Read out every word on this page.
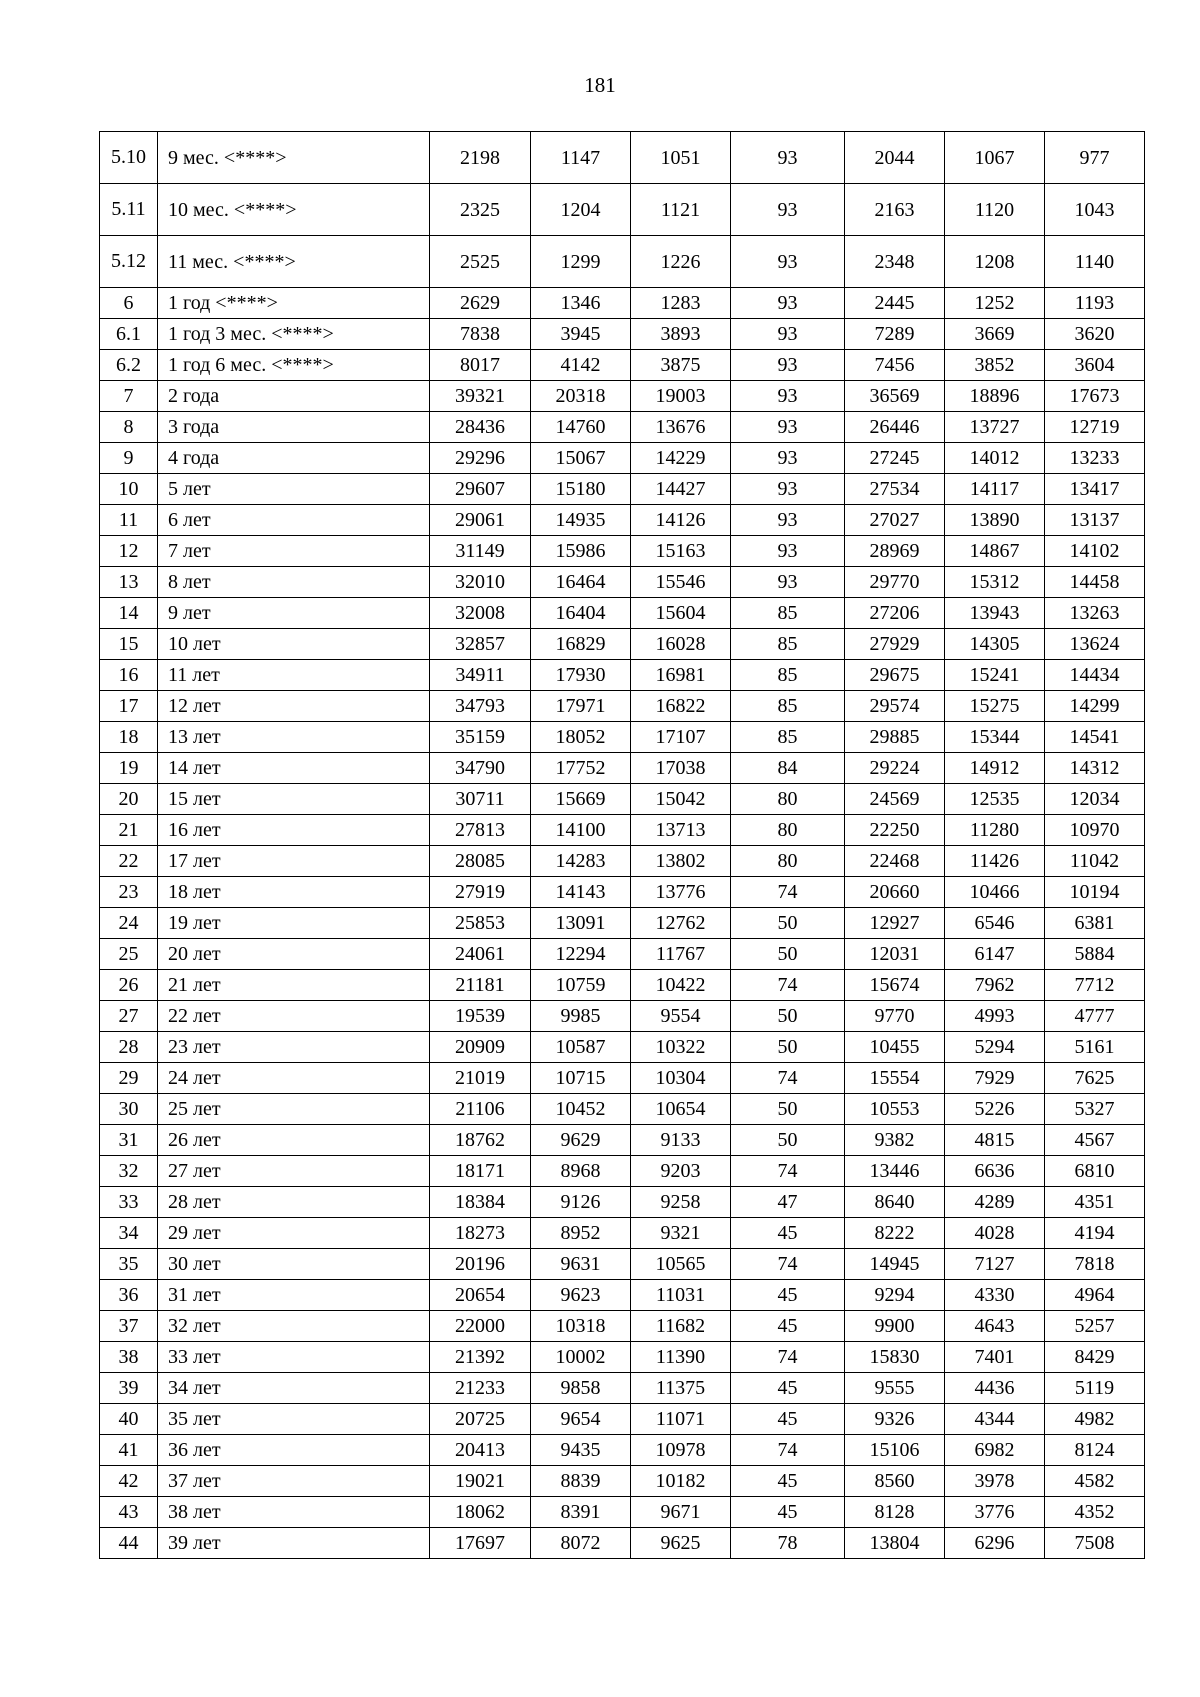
181
5.10	9 мес. <****>	2198	1147	1051	93	2044	1067	977
5.11	10 мес. <****>	2325	1204	1121	93	2163	1120	1043
5.12	11 мес. <****>	2525	1299	1226	93	2348	1208	1140
6	1 год <****>	2629	1346	1283	93	2445	1252	1193
6.1	1 год 3 мес. <****>	7838	3945	3893	93	7289	3669	3620
6.2	1 год 6 мес. <****>	8017	4142	3875	93	7456	3852	3604
7	2 года	39321	20318	19003	93	36569	18896	17673
8	3 года	28436	14760	13676	93	26446	13727	12719
9	4 года	29296	15067	14229	93	27245	14012	13233
10	5 лет	29607	15180	14427	93	27534	14117	13417
11	6 лет	29061	14935	14126	93	27027	13890	13137
12	7 лет	31149	15986	15163	93	28969	14867	14102
13	8 лет	32010	16464	15546	93	29770	15312	14458
14	9 лет	32008	16404	15604	85	27206	13943	13263
15	10 лет	32857	16829	16028	85	27929	14305	13624
16	11 лет	34911	17930	16981	85	29675	15241	14434
17	12 лет	34793	17971	16822	85	29574	15275	14299
18	13 лет	35159	18052	17107	85	29885	15344	14541
19	14 лет	34790	17752	17038	84	29224	14912	14312
20	15 лет	30711	15669	15042	80	24569	12535	12034
21	16 лет	27813	14100	13713	80	22250	11280	10970
22	17 лет	28085	14283	13802	80	22468	11426	11042
23	18 лет	27919	14143	13776	74	20660	10466	10194
24	19 лет	25853	13091	12762	50	12927	6546	6381
25	20 лет	24061	12294	11767	50	12031	6147	5884
26	21 лет	21181	10759	10422	74	15674	7962	7712
27	22 лет	19539	9985	9554	50	9770	4993	4777
28	23 лет	20909	10587	10322	50	10455	5294	5161
29	24 лет	21019	10715	10304	74	15554	7929	7625
30	25 лет	21106	10452	10654	50	10553	5226	5327
31	26 лет	18762	9629	9133	50	9382	4815	4567
32	27 лет	18171	8968	9203	74	13446	6636	6810
33	28 лет	18384	9126	9258	47	8640	4289	4351
34	29 лет	18273	8952	9321	45	8222	4028	4194
35	30 лет	20196	9631	10565	74	14945	7127	7818
36	31 лет	20654	9623	11031	45	9294	4330	4964
37	32 лет	22000	10318	11682	45	9900	4643	5257
38	33 лет	21392	10002	11390	74	15830	7401	8429
39	34 лет	21233	9858	11375	45	9555	4436	5119
40	35 лет	20725	9654	11071	45	9326	4344	4982
41	36 лет	20413	9435	10978	74	15106	6982	8124
42	37 лет	19021	8839	10182	45	8560	3978	4582
43	38 лет	18062	8391	9671	45	8128	3776	4352
44	39 лет	17697	8072	9625	78	13804	6296	7508
